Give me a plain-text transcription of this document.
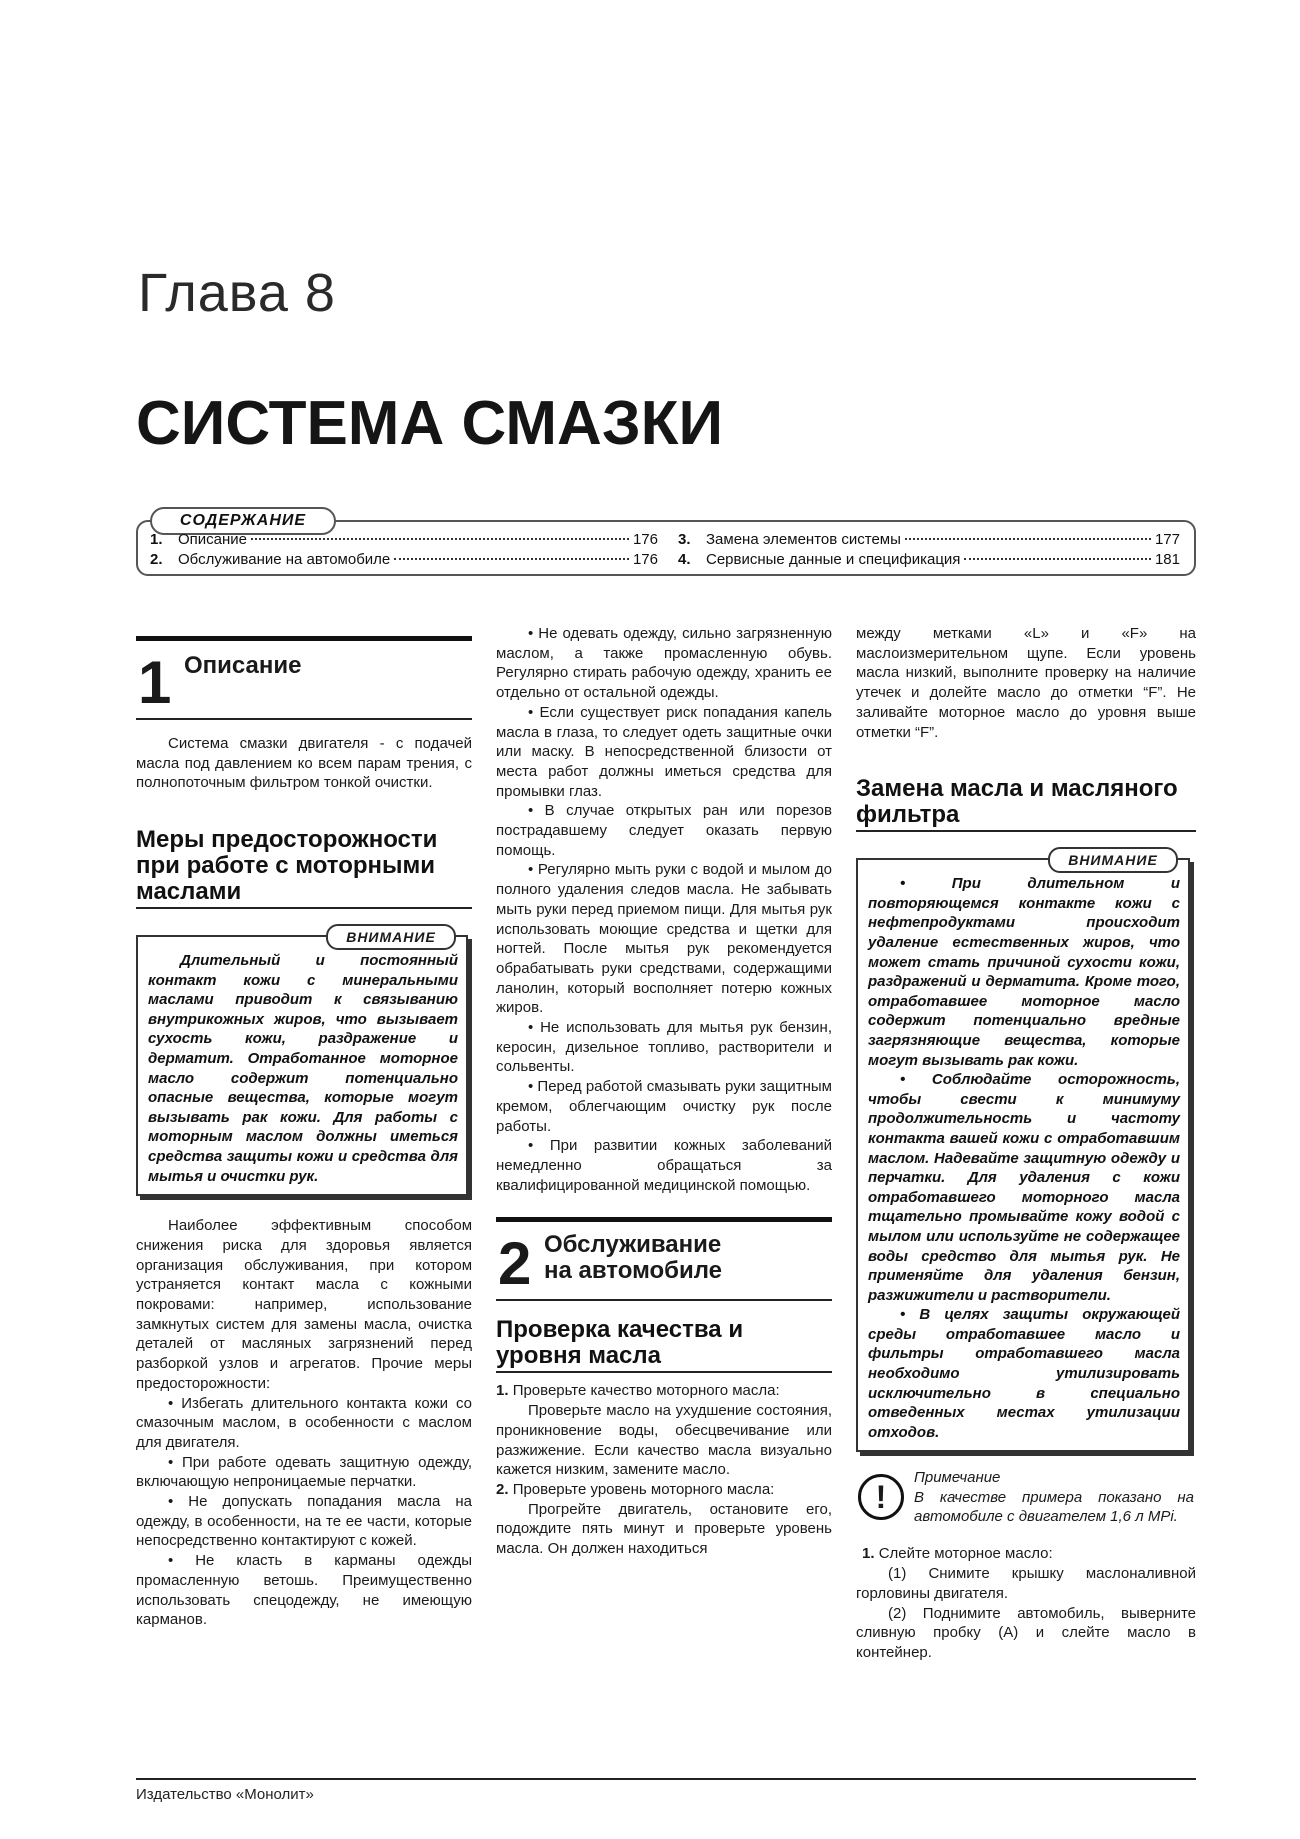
Глава 8
СИСТЕМА СМАЗКИ
СОДЕРЖАНИЕ
1.	Описание	176
2.	Обслуживание на автомобиле	176
3.	Замена элементов системы	177
4.	Сервисные данные и спецификация	181
1 Описание

Система смазки двигателя - с подачей масла под давлением ко всем парам трения, с полнопоточным фильтром тонкой очистки.

Меры предосторожности при работе с моторными маслами
ВНИМАНИЕ

Длительный и постоянный контакт кожи с минеральными маслами приводит к связыванию внутрикожных жиров, что вызывает сухость кожи, раздражение и дерматит. Отработанное моторное масло содержит потенциально опасные вещества, которые могут вызывать рак кожи. Для работы с моторным маслом должны иметься средства защиты кожи и средства для мытья и очистки рук.

Наиболее эффективным способом снижения риска для здоровья является организация обслуживания, при котором устраняется контакт масла с кожными покровами: например, использование замкнутых систем для замены масла, очистка деталей от масляных загрязнений перед разборкой узлов и агрегатов. Прочие меры предосторожности:

• Избегать длительного контакта кожи со смазочным маслом, в особенности с маслом для двигателя.

• При работе одевать защитную одежду, включающую непроницаемые перчатки.

• Не допускать попадания масла на одежду, в особенности, на те ее части, которые непосредственно контактируют с кожей.

• Не класть в карманы одежды промасленную ветошь. Преимущественно использовать спецодежду, не имеющую карманов.

• Не одевать одежду, сильно загрязненную маслом, а также промасленную обувь. Регулярно стирать рабочую одежду, хранить ее отдельно от остальной одежды.

• Если существует риск попадания капель масла в глаза, то следует одеть защитные очки или маску. В непосредственной близости от места работ должны иметься средства для промывки глаз.

• В случае открытых ран или порезов пострадавшему следует оказать первую помощь.

• Регулярно мыть руки с водой и мылом до полного удаления следов масла. Не забывать мыть руки перед приемом пищи. Для мытья рук использовать моющие средства и щетки для ногтей. После мытья рук рекомендуется обрабатывать руки средствами, содержащими ланолин, который восполняет потерю кожных жиров.

• Не использовать для мытья рук бензин, керосин, дизельное топливо, растворители и сольвенты.

• Перед работой смазывать руки защитным кремом, облегчающим очистку рук после работы.

• При развитии кожных заболеваний немедленно обращаться за квалифицированной медицинской помощью.

2 Обслуживание
на автомобиле
Проверка качества и уровня масла

1. Проверьте качество моторного масла:

Проверьте масло на ухудшение состояния, проникновение воды, обесцвечивание или разжижение. Если качество масла визуально кажется низким, замените масло.

2. Проверьте уровень моторного масла:

Прогрейте двигатель, остановите его, подождите пять минут и проверьте уровень масла. Он должен находиться

между метками «L» и «F» на маслоизмерительном щупе. Если уровень масла низкий, выполните проверку на наличие утечек и долейте масло до отметки “F”. Не заливайте моторное масло до уровня выше отметки “F”.

Замена масла и масляного фильтра
ВНИМАНИЕ

• При длительном и повторяющемся контакте кожи с нефтепродуктами происходит удаление естественных жиров, что может стать причиной сухости кожи, раздражений и дерматита. Кроме того, отработавшее моторное масло содержит потенциально вредные загрязняющие вещества, которые могут вызывать рак кожи.

• Соблюдайте осторожность, чтобы свести к минимуму продолжительность и частоту контакта вашей кожи с отработавшим маслом. Надевайте защитную одежду и перчатки. Для удаления с кожи отработавшего моторного масла тщательно промывайте кожу водой с мылом или используйте не содержащее воды средство для мытья рук. Не применяйте для удаления бензин, разжижители и растворители.

• В целях защиты окружающей среды отработавшее масло и фильтры отработавшего масла необходимо утилизировать исключительно в специально отведенных местах утилизации отходов.

!
Примечание
В качестве примера показано на автомобиле с двигателем 1,6 л MPi.

1. Слейте моторное масло:

(1) Снимите крышку маслоналивной горловины двигателя.

(2) Поднимите автомобиль, выверните сливную пробку (А) и слейте масло в контейнер.

Издательство «Монолит»
